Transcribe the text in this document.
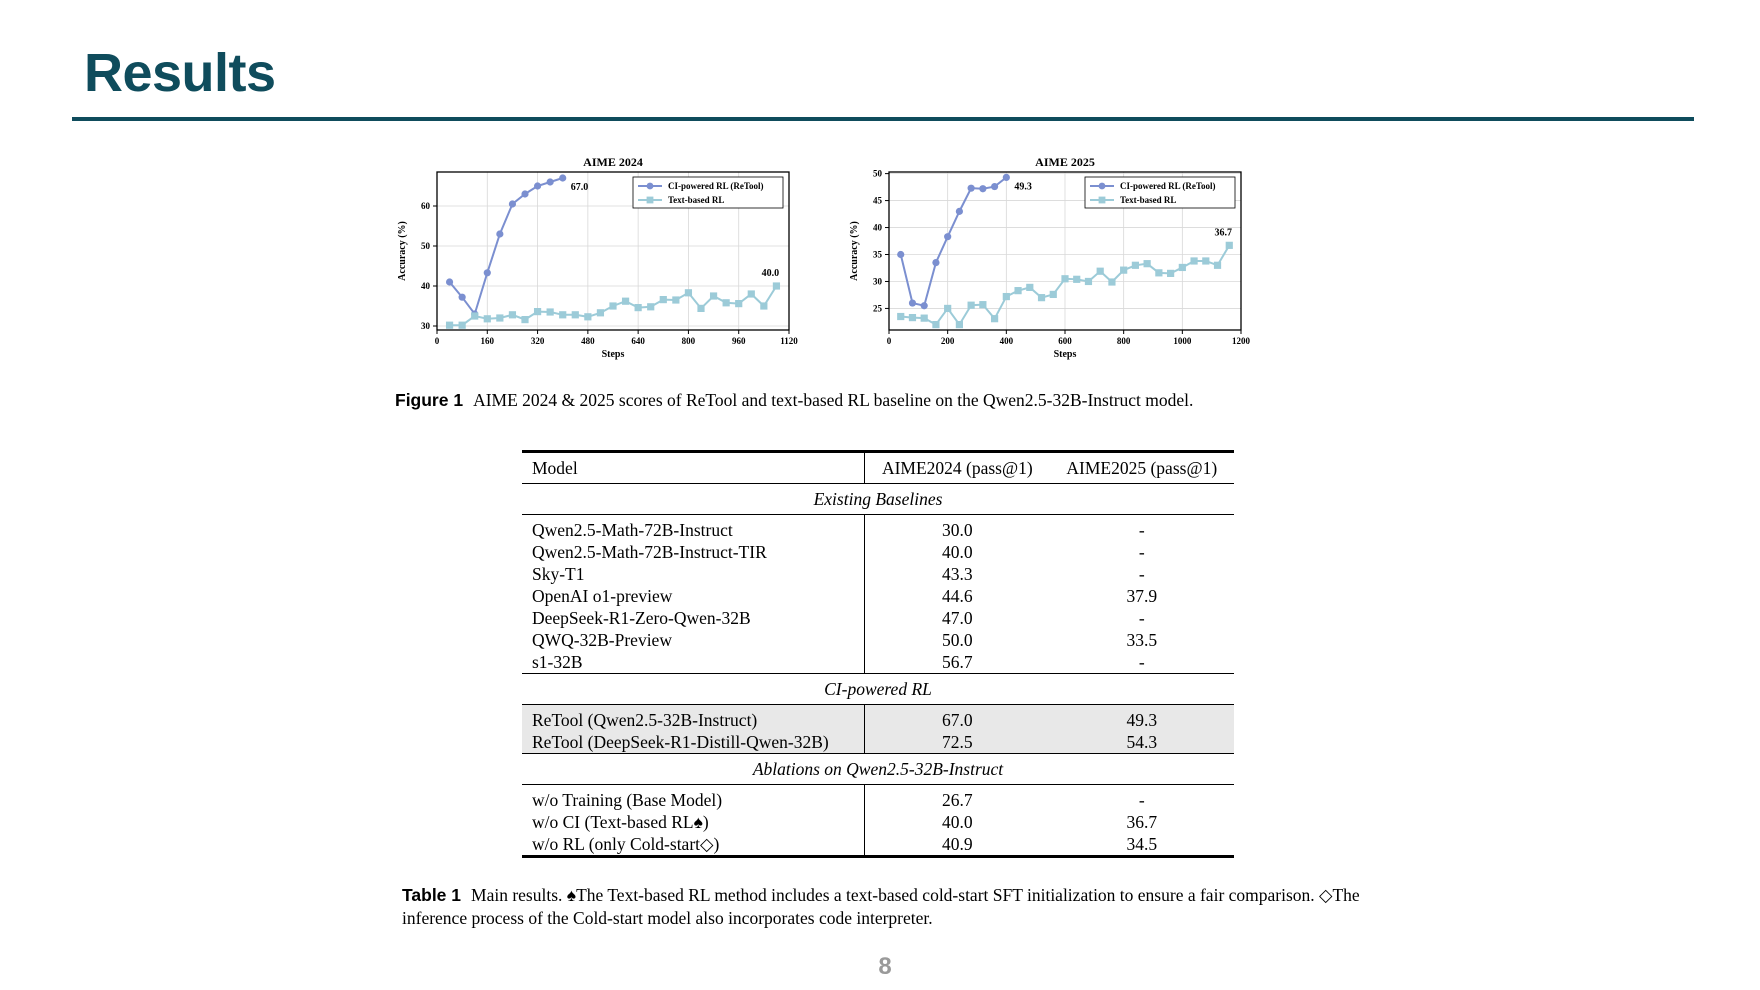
Results
AIME 2024
0	160	320	480	640	800	960	1120
30
40
50
60
Steps
Accuracy (%)
67.0
40.0
CI-powered RL (ReTool)
Text-based RL
AIME 2025
0	200	400	600	800	1000	1200
25
30
35
40
45
50
Steps
Accuracy (%)
49.3
36.7
CI-powered RL (ReTool)
Text-based RL
Figure 1 AIME 2024 & 2025 scores of ReTool and text-based RL baseline on the Qwen2.5-32B-Instruct model.
Model	AIME2024 (pass@1)	AIME2025 (pass@1)
Existing Baselines		
Qwen2.5-Math-72B-Instruct	30.0	-
Qwen2.5-Math-72B-Instruct-TIR	40.0	-
Sky-T1	43.3	-
OpenAI o1-preview	44.6	37.9
DeepSeek-R1-Zero-Qwen-32B	47.0	-
QWQ-32B-Preview	50.0	33.5
s1-32B	56.7	-
CI-powered RL		
ReTool (Qwen2.5-32B-Instruct)	67.0	49.3
ReTool (DeepSeek-R1-Distill-Qwen-32B)	72.5	54.3
Ablations on Qwen2.5-32B-Instruct		
w/o Training (Base Model)	26.7	-
w/o CI (Text-based RL♠)	40.0	36.7
w/o RL (only Cold-start◇)	40.9	34.5
Table 1 Main results. ♠The Text-based RL method includes a text-based cold-start SFT initialization to ensure a fair comparison. ◇The inference process of the Cold-start model also incorporates code interpreter.
8
